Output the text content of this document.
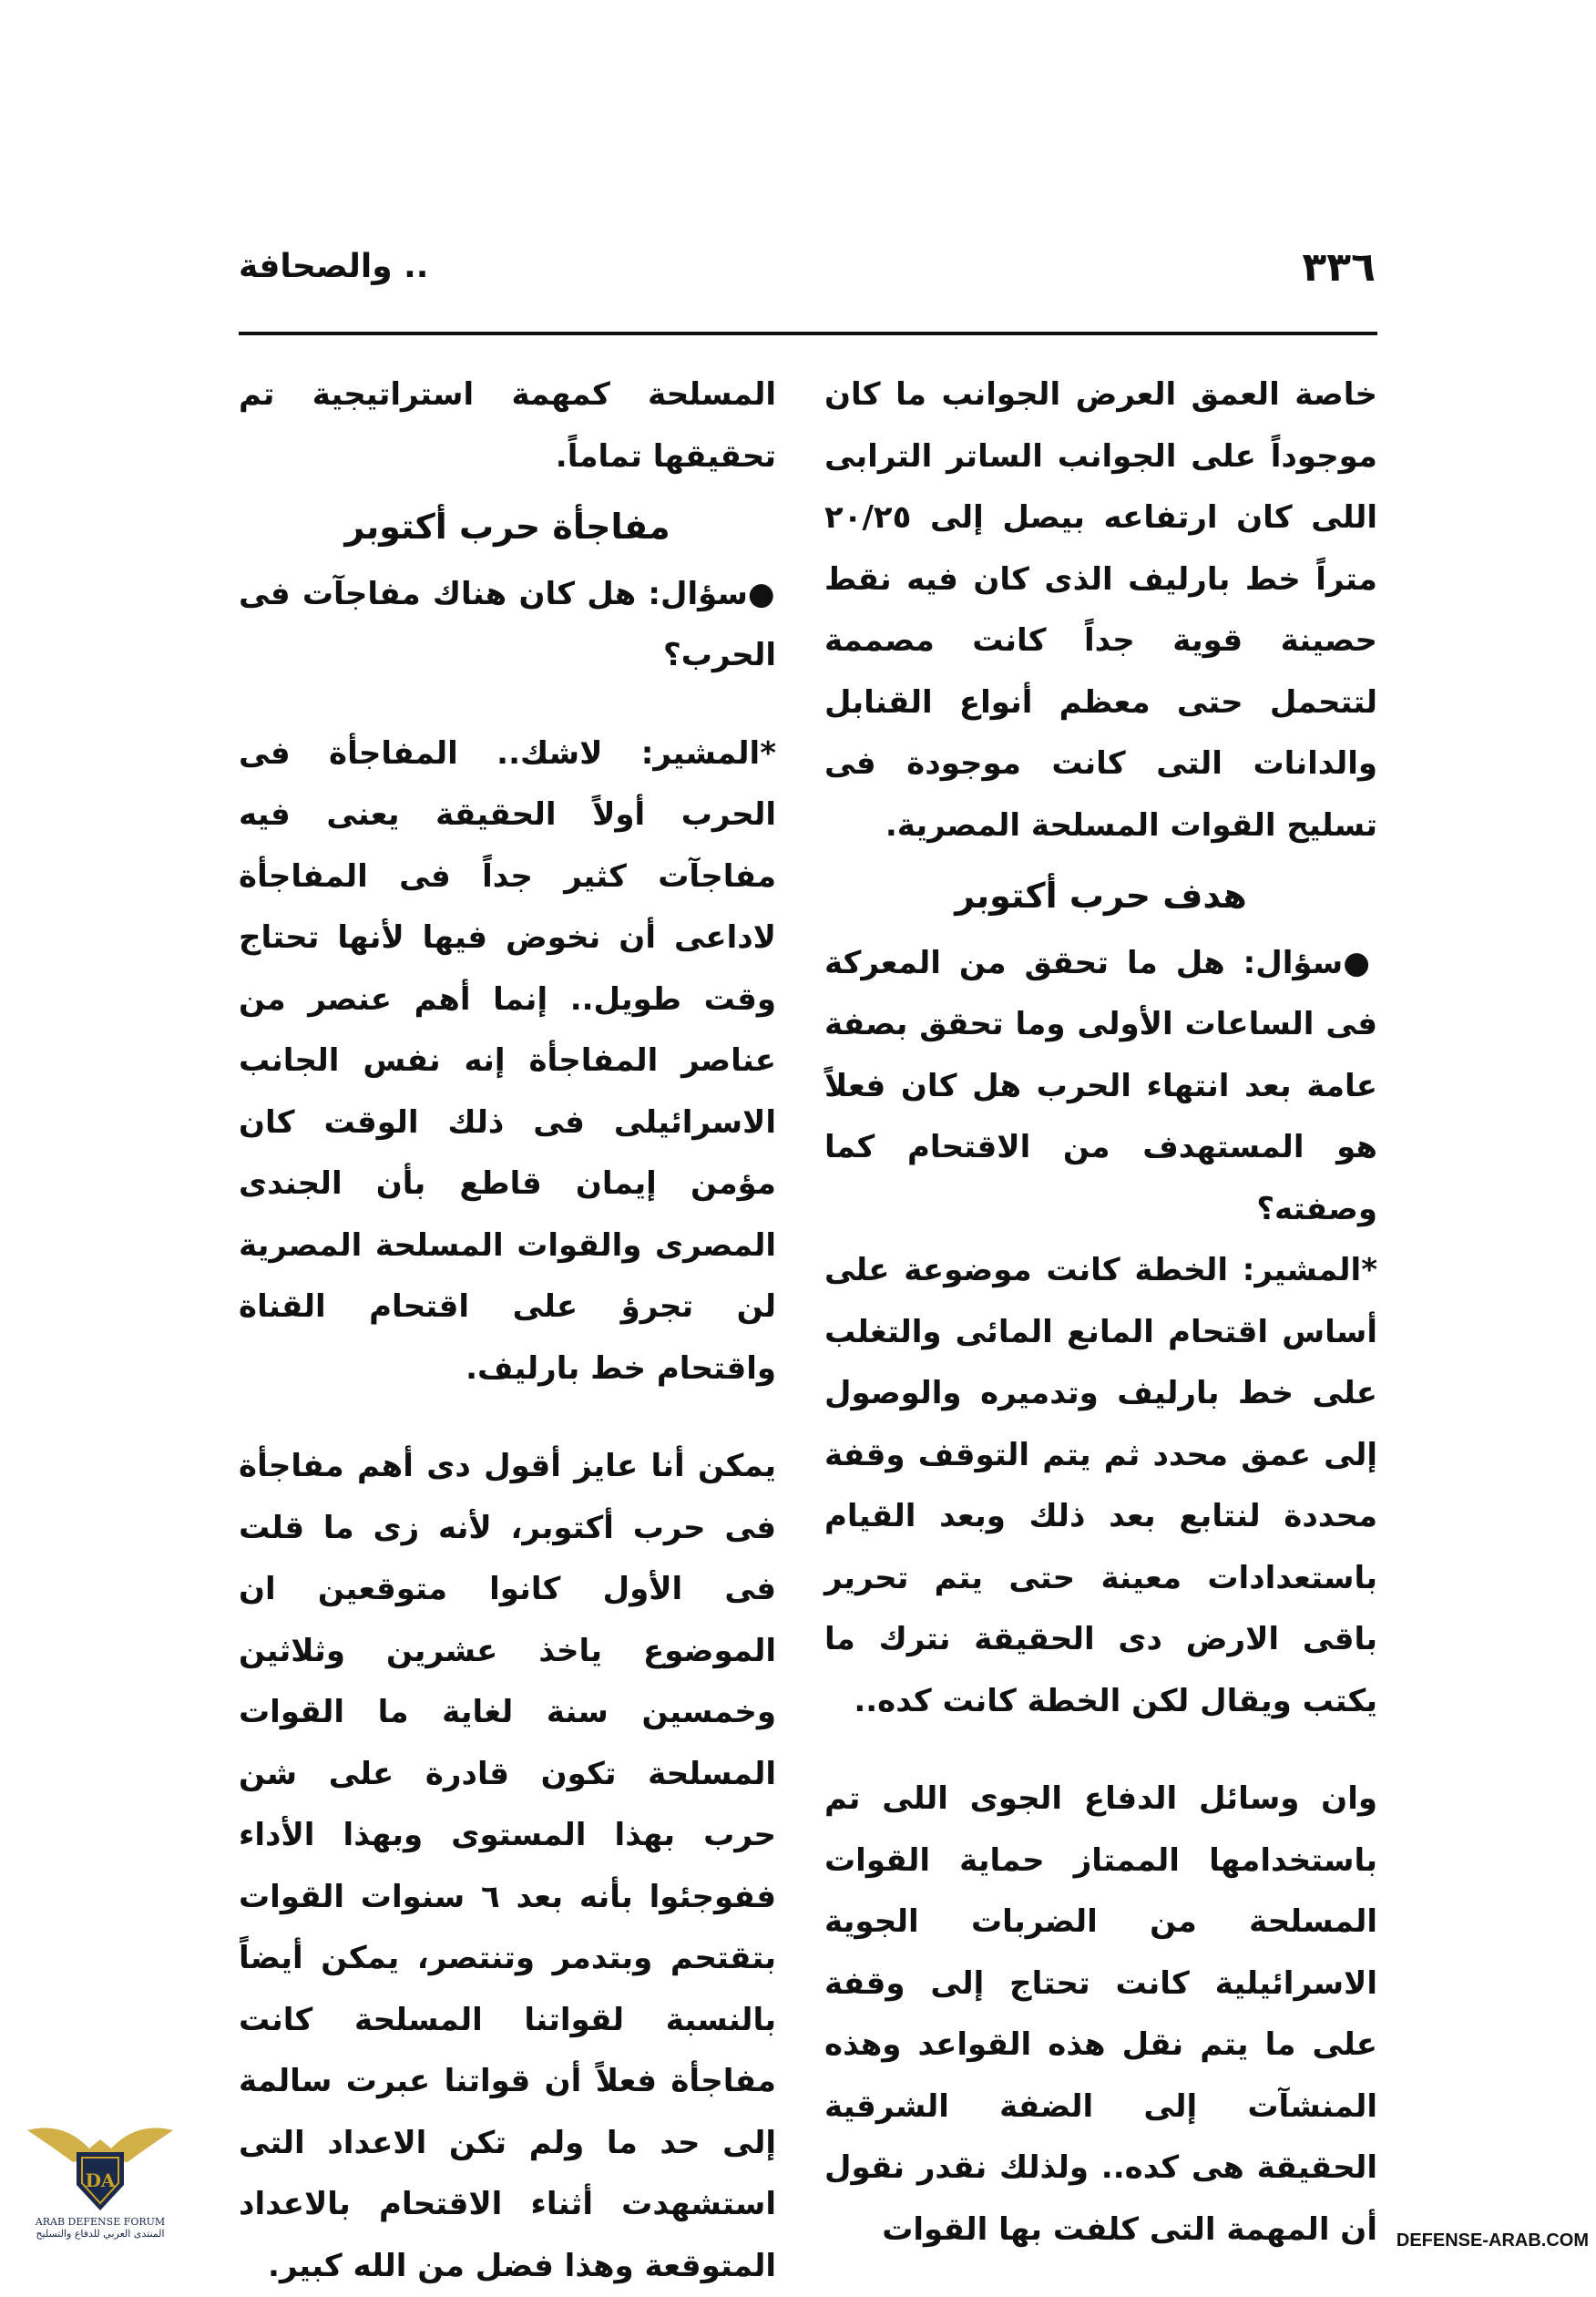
٣٣٦
.. والصحافة

خاصة العمق العرض الجوانب ما كان موجوداً على الجوانب الساتر الترابى اللى كان ارتفاعه بيصل إلى ٢٠/٢٥ متراً خط بارليف الذى كان فيه نقط حصينة قوية جداً كانت مصممة لتتحمل حتى معظم أنواع القنابل والدانات التى كانت موجودة فى تسليح القوات المسلحة المصرية.

هدف حرب أكتوبر

●سؤال: هل ما تحقق من المعركة فى الساعات الأولى وما تحقق بصفة عامة بعد انتهاء الحرب هل كان فعلاً هو المستهدف من الاقتحام كما وصفته؟

*المشير: الخطة كانت موضوعة على أساس اقتحام المانع المائى والتغلب على خط بارليف وتدميره والوصول إلى عمق محدد ثم يتم التوقف وقفة محددة لنتابع بعد ذلك وبعد القيام باستعدادات معينة حتى يتم تحرير باقى الارض دى الحقيقة نترك ما يكتب ويقال لكن الخطة كانت كده..

وان وسائل الدفاع الجوى اللى تم باستخدامها الممتاز حماية القوات المسلحة من الضربات الجوية الاسرائيلية كانت تحتاج إلى وقفة على ما يتم نقل هذه القواعد وهذه المنشآت إلى الضفة الشرقية الحقيقة هى كده.. ولذلك نقدر نقول أن المهمة التى كلفت بها القوات

المسلحة كمهمة استراتيجية تم تحقيقها تماماً.

مفاجأة حرب أكتوبر

●سؤال: هل كان هناك مفاجآت فى الحرب؟

*المشير: لاشك.. المفاجأة فى الحرب أولاً الحقيقة يعنى فيه مفاجآت كثير جداً فى المفاجأة لاداعى أن نخوض فيها لأنها تحتاج وقت طويل.. إنما أهم عنصر من عناصر المفاجأة إنه نفس الجانب الاسرائيلى فى ذلك الوقت كان مؤمن إيمان قاطع بأن الجندى المصرى والقوات المسلحة المصرية لن تجرؤ على اقتحام القناة واقتحام خط بارليف.

يمكن أنا عايز أقول دى أهم مفاجأة فى حرب أكتوبر، لأنه زى ما قلت فى الأول كانوا متوقعين ان الموضوع ياخذ عشرين وثلاثين وخمسين سنة لغاية ما القوات المسلحة تكون قادرة على شن حرب بهذا المستوى وبهذا الأداء ففوجئوا بأنه بعد ٦ سنوات القوات بتقتحم وبتدمر وتنتصر، يمكن أيضاً بالنسبة لقواتنا المسلحة كانت مفاجأة فعلاً أن قواتنا عبرت سالمة إلى حد ما ولم تكن الاعداد التى استشهدت أثناء الاقتحام بالاعداد المتوقعة وهذا فضل من الله كبير.

DA
ARAB DEFENSE FORUM
المنتدى العربي للدفاع والتسليح	DEFENSE-ARAB.COM
